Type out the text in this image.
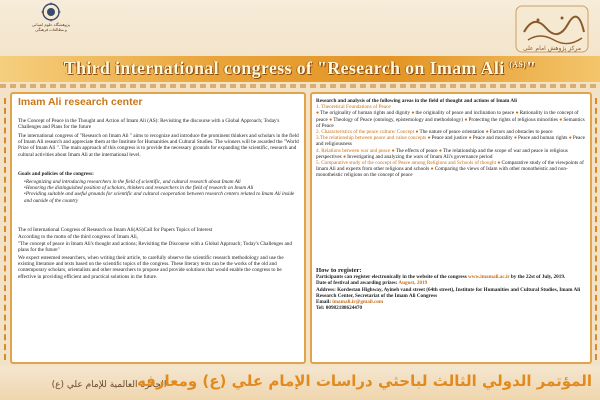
پژوهشگاه علوم انسانی
و مطالعات فرهنگی
مرکز پژوهش امام علی
Third international congress of "Research on Imam Ali $^{(AS)}$"
Imam Ali research center
The Concept of Peace in the Thought and Action of Imam Ali (AS): Revisiting the discourse with a Global Approach; Today's Challenges and Plans for the future
The international congress of "Research on Imam Ali " aims to recognize and introduce the prominent thinkers and scholars in the field of Imam Ali research and appreciate them at the Institute for Humanities and Cultural Studies. The winners will be awarded the "World Prize of Imam Ali ". The main approach of this congress is to provide the necessary grounds for expanding the scientific, research and cultural activities about Imam Ali at the international level.
Goals and policies of the congress:
• Recognizing and introducing researchers in the field of scientific, and cultural research about Imam Ali
• Honoring the distinguished position of scholars, thinkers and researchers in the field of research on Imam Ali
• Providing suitable and useful grounds for scientific and cultural cooperation between research centers related to Imam Ali inside and outside of the country
The rd International Congress of Research on Imam Ali(AS)Call for Papers Topics of Interest
According to the motto of the third congress of Imam Ali,
"The concept of peace in Imam Ali's thought and actions; Revisiting the Discourse with a Global Approach; Today's Challenges and plans for the future"
We expect esteemed researchers, when writing their article, to carefully observe the scientific research methodology and use the existing literature and texts based on the scientific topics of the congress. These literary texts can be the works of the old and contemporary scholars, orientalists and other researchers to propose and provide solutions that would enable the congress to be effective in providing efficient and practical solutions in the future.
Research and analysis of the following areas in the field of thought and actions of Imam Ali
1. Theoretical Foundations of Peace
● The originality of human rights and dignity ● the originality of peace and inclination to peace ● Rationality in the concept of peace ● Theology of Peace (ontology, epistemology and methodology) ● Protecting the rights of religious minorities ● Semantics of Peace
2. Characteristics of the peace culture/ Concept ● The nature of peace orientation ● Factors and obstacles to peace
3.The relationship between peace and value concepts ● Peace and justice ● Peace and morality ● Peace and human rights ● Peace and religiousness
4. Relations between war and peace ● The effects of peace ● The relationship and the scope of war and peace in religious perspectives ● Investigating and analyzing the wars of Imam Ali's governance period
5. Comparative study of the concept of Peace among Religions and Schools of thought ● Comparative study of the viewpoints of Imam Ali and experts from other religions and schools ● Comparing the views of Islam with other monotheistic and non-monotheistic religions on the concept of peace
How to register:
Participants can register electronically in the website of the congress www.imamali.ac.ir by the 22st of July, 2019.
Date of festival and awarding prizes: August, 2019
Address: Kordestan Highway, Ayineh vand street (64th street), Institute for Humanities and Cultural Studies, Imam Ali Research Center, Secretariat of the Imam Ali Congress
Email: imamali.ir@gmail.com
Tel: 00982188624470
الجائزة العالمية للإمام علي (ع)
المؤتمر الدولي الثالث لباحثي دراسات الإمام علي (ع) ومعارفه
